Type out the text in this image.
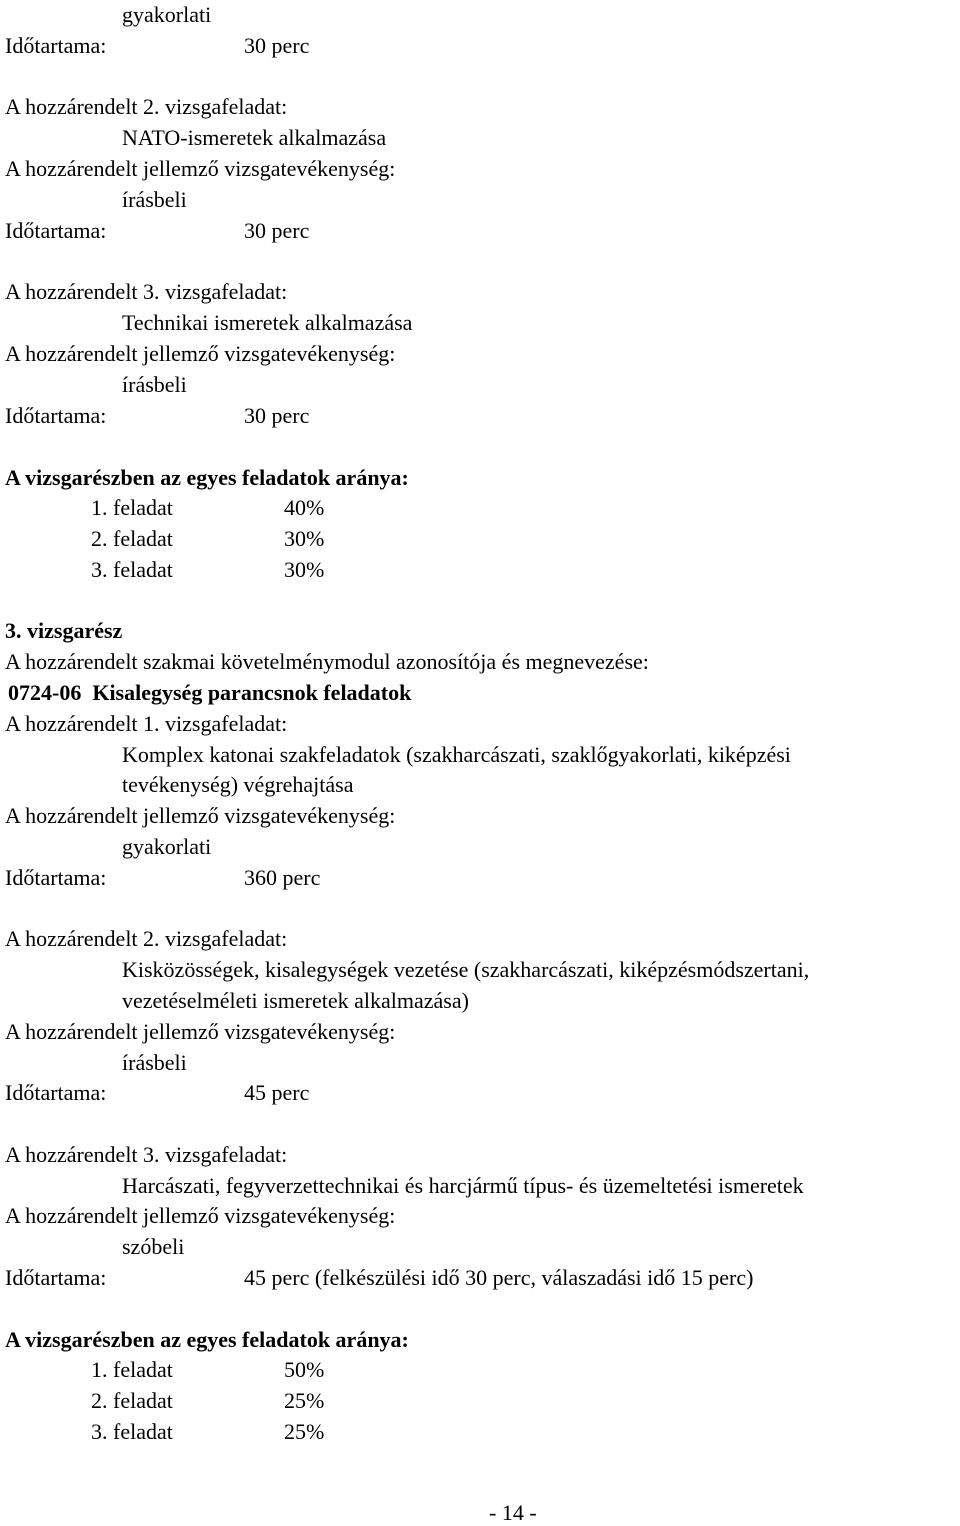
gyakorlati
Időtartama:	30 perc
A hozzárendelt 2. vizsgafeladat:
NATO-ismeretek alkalmazása
A hozzárendelt jellemző vizsgatevékenység:
írásbeli
Időtartama:	30 perc
A hozzárendelt 3. vizsgafeladat:
Technikai ismeretek alkalmazása
A hozzárendelt jellemző vizsgatevékenység:
írásbeli
Időtartama:	30 perc
A vizsgarészben az egyes feladatok aránya:
1. feladat	40%
2. feladat	30%
3. feladat	30%
3. vizsgarész
A hozzárendelt szakmai követelménymodul azonosítója és megnevezése:
0724-06  Kisalegység parancsnok feladatok
A hozzárendelt 1. vizsgafeladat:
Komplex katonai szakfeladatok (szakharcászati, szaklőgyakorlati, kiképzési
tevékenység) végrehajtása
A hozzárendelt jellemző vizsgatevékenység:
gyakorlati
Időtartama:	360 perc
A hozzárendelt 2. vizsgafeladat:
Kisközösségek, kisalegységek vezetése (szakharcászati, kiképzésmódszertani,
vezetéselméleti ismeretek alkalmazása)
A hozzárendelt jellemző vizsgatevékenység:
írásbeli
Időtartama:	45 perc
A hozzárendelt 3. vizsgafeladat:
Harcászati, fegyverzettechnikai és harcjármű típus- és üzemeltetési ismeretek
A hozzárendelt jellemző vizsgatevékenység:
szóbeli
Időtartama:	45 perc (felkészülési idő 30 perc, válaszadási idő 15 perc)
A vizsgarészben az egyes feladatok aránya:
1. feladat	50%
2. feladat	25%
3. feladat	25%
- 14 -
